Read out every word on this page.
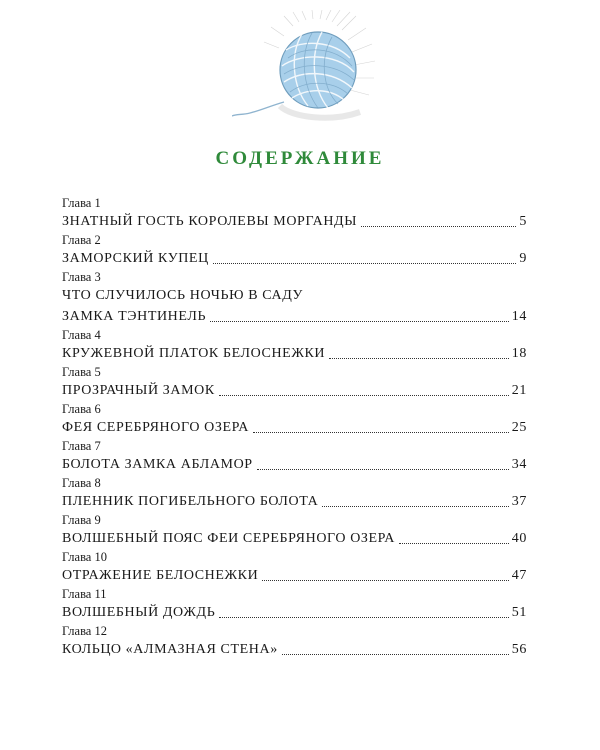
СОДЕРЖАНИЕ
Глава 1
ЗНАТНЫЙ ГОСТЬ КОРОЛЕВЫ МОРГАНДЫ	5
Глава 2
ЗАМОРСКИЙ КУПЕЦ	9
Глава 3
ЧТО СЛУЧИЛОСЬ НОЧЬЮ В САДУ
ЗАМКА ТЭНТИНЕЛЬ	14
Глава 4
КРУЖЕВНОЙ ПЛАТОК БЕЛОСНЕЖКИ	18
Глава 5
ПРОЗРАЧНЫЙ ЗАМОК	21
Глава 6
ФЕЯ СЕРЕБРЯНОГО ОЗЕРА	25
Глава 7
БОЛОТА ЗАМКА АБЛАМОР	34
Глава 8
ПЛЕННИК ПОГИБЕЛЬНОГО БОЛОТА	37
Глава 9
ВОЛШЕБНЫЙ ПОЯС ФЕИ СЕРЕБРЯНОГО ОЗЕРА	40
Глава 10
ОТРАЖЕНИЕ БЕЛОСНЕЖКИ	47
Глава 11
ВОЛШЕБНЫЙ ДОЖДЬ	51
Глава 12
КОЛЬЦО «АЛМАЗНАЯ СТЕНА»	56
